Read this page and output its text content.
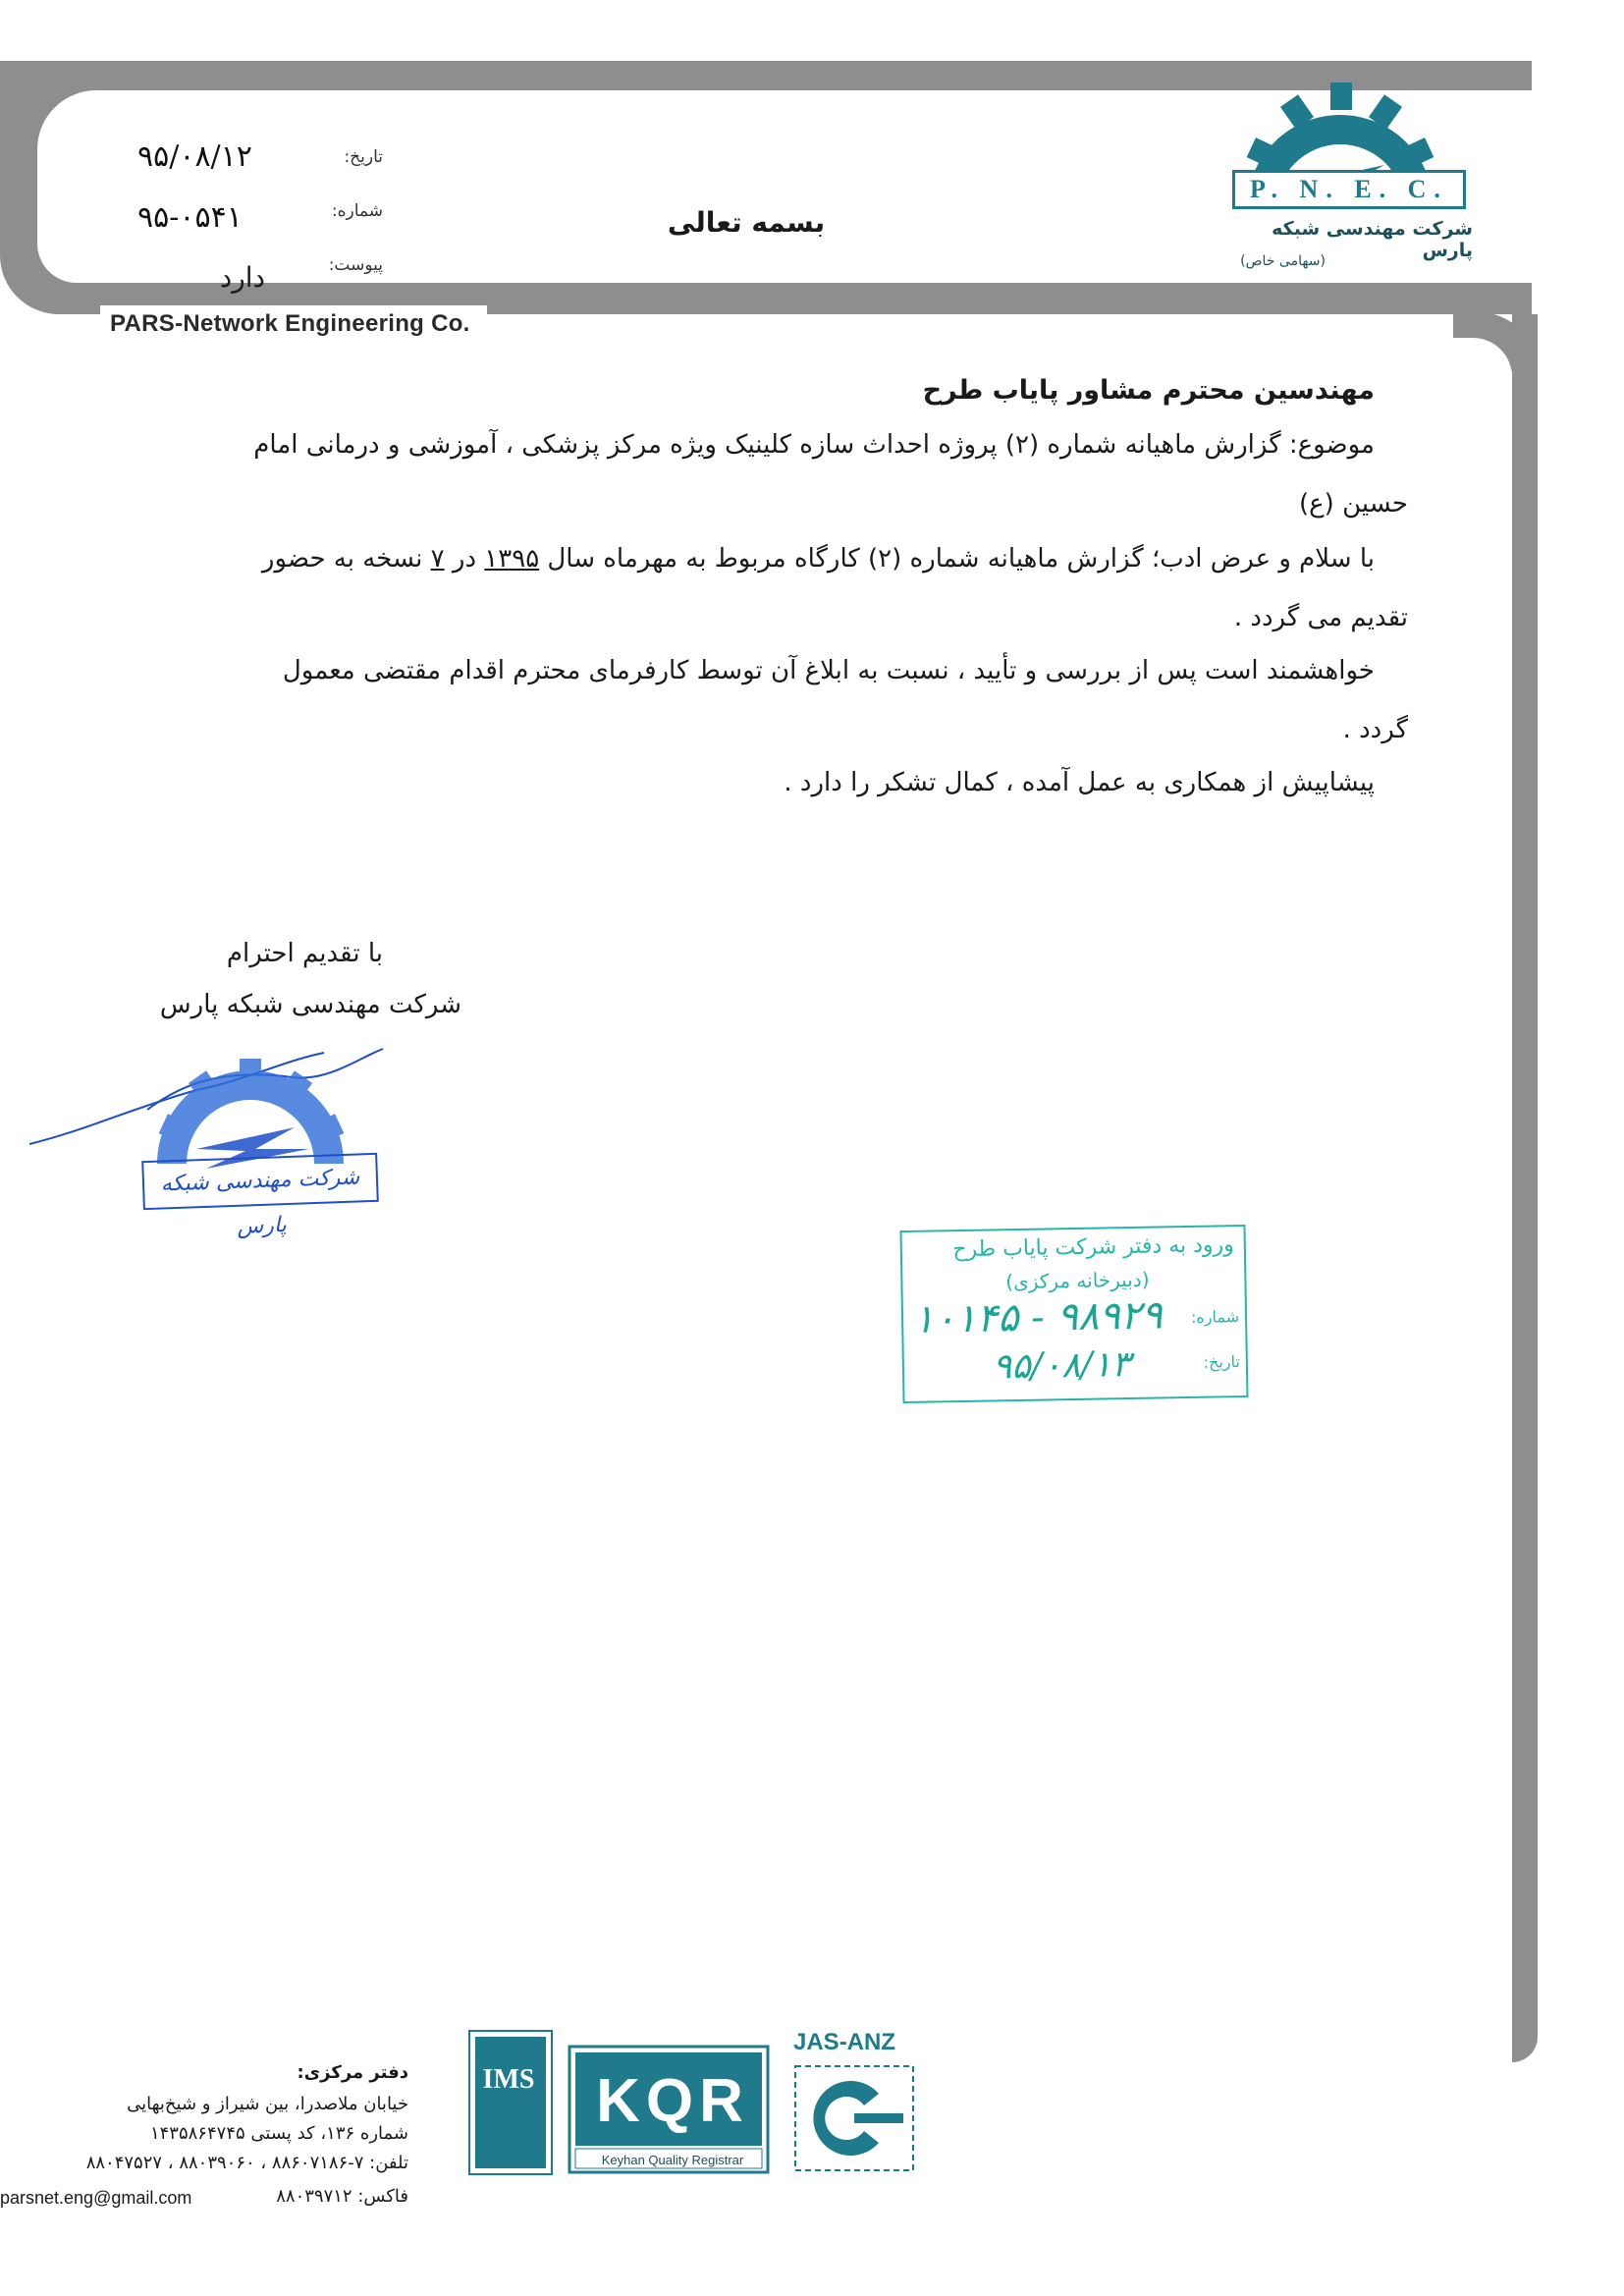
PARS-Network Engineering Co.
P. N. E. C.
شرکت مهندسی شبکه پارس
(سهامی خاص)
تاریخ:
۹۵/۰۸/۱۲
شماره:
۹۵-۰۵۴۱
پیوست:
دارد
بسمه تعالی
مهندسین محترم مشاور پایاب طرح
موضوع: گزارش ماهیانه شماره (۲) پروژه احداث سازه کلینیک ویژه مرکز پزشکی ، آموزشی و درمانی امام
حسین (ع)
با سلام و عرض ادب؛ گزارش ماهیانه شماره (۲) کارگاه مربوط به مهرماه سال ۱۳۹۵ در ۷ نسخه به حضور
تقدیم می گردد .
خواهشمند است پس از بررسی و تأیید ، نسبت به ابلاغ آن توسط کارفرمای محترم اقدام مقتضی معمول
گردد .
پیشاپیش از همکاری به عمل آمده ، کمال تشکر را دارد .
با تقدیم احترام
شرکت مهندسی شبکه پارس
شرکت مهندسی شبکه پارس
ورود به دفتر شرکت پایاب طرح
(دبیرخانه مرکزی)
شماره:
تاریخ:
۱۰۱۴۵ - ۹۸۹۲۹
۹۵/۰۸/۱۳
دفتر مرکزی:
خیابان ملاصدرا، بین شیراز و شیخ‌بهایی
شماره ۱۳۶، کد پستی ۱۴۳۵۸۶۴۷۴۵
تلفن: ۷-۸۸۶۰۷۱۸۶ ، ۸۸۰۳۹۰۶۰ ، ۸۸۰۴۷۵۲۷
فاکس: ۸۸۰۳۹۷۱۲
parsnet.eng@gmail.com
IMS KQR
Keyhan Quality Registrar
JAS-ANZ
